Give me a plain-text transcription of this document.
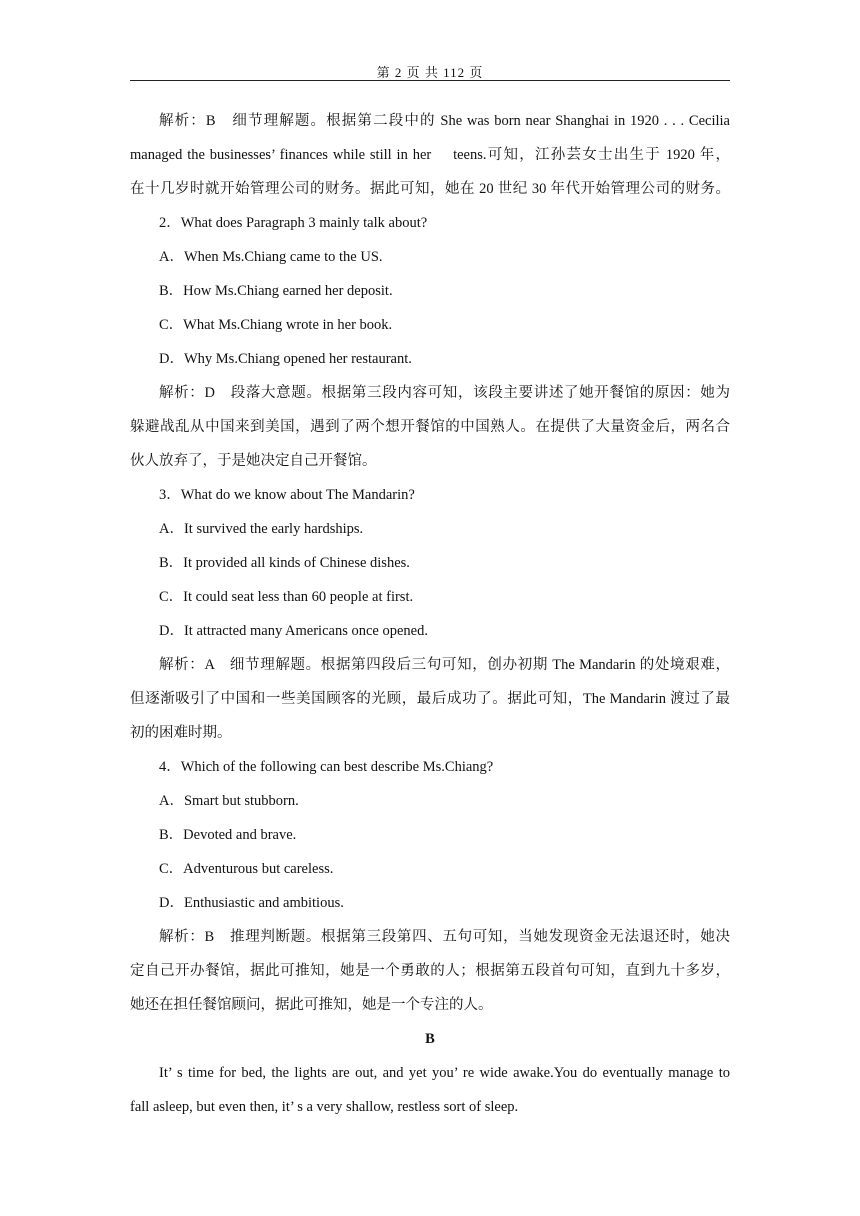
第 2 页 共 112 页
解析：B　细节理解题。根据第二段中的 She was born near Shanghai in 1920 . . . Cecilia
managed the businesses’ finances while still in her　 teens.可知，江孙芸女士出生于 1920 年，
在十几岁时就开始管理公司的财务。据此可知，她在 20 世纪 30 年代开始管理公司的财务。
2．What does Paragraph 3 mainly talk about?
A．When Ms.Chiang came to the US.
B．How Ms.Chiang earned her deposit.
C．What Ms.Chiang wrote in her book.
D．Why Ms.Chiang opened her restaurant.
解析：D　段落大意题。根据第三段内容可知，该段主要讲述了她开餐馆的原因：她为
躲避战乱从中国来到美国，遇到了两个想开餐馆的中国熟人。在提供了大量资金后，两名合
伙人放弃了，于是她决定自己开餐馆。
3．What do we know about The Mandarin?
A．It survived the early hardships.
B．It provided all kinds of Chinese dishes.
C．It could seat less than 60 people at first.
D．It attracted many Americans once opened.
解析：A　细节理解题。根据第四段后三句可知，创办初期 The Mandarin 的处境艰难，
但逐渐吸引了中国和一些美国顾客的光顾，最后成功了。据此可知，The Mandarin 渡过了最
初的困难时期。
4．Which of the following can best describe Ms.Chiang?
A．Smart but stubborn.
B．Devoted and brave.
C．Adventurous but careless.
D．Enthusiastic and ambitious.
解析：B　推理判断题。根据第三段第四、五句可知，当她发现资金无法退还时，她决
定自己开办餐馆，据此可推知，她是一个勇敢的人；根据第五段首句可知，直到九十多岁，
她还在担任餐馆顾问，据此可推知，她是一个专注的人。
B
It’ s time for bed, the lights are out, and yet you’ re wide awake.You do eventually manage to
fall asleep, but even then, it’ s a very shallow, restless sort of sleep.
